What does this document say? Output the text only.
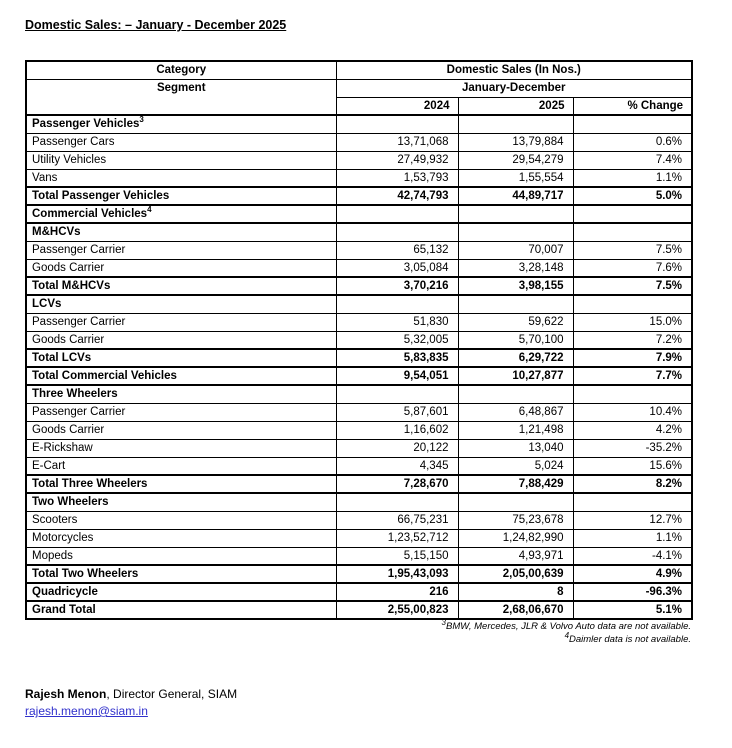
Domestic Sales: – January - December 2025
Category	Domestic Sales (In Nos.)		
Segment	January-December		
	2024	2025	% Change
Passenger Vehicles$^3$			
Passenger Cars	13,71,068	13,79,884	0.6%
Utility Vehicles	27,49,932	29,54,279	7.4%
Vans	1,53,793	1,55,554	1.1%
Total Passenger Vehicles	42,74,793	44,89,717	5.0%
Commercial Vehicles$^4$			
M&HCVs			
Passenger Carrier	65,132	70,007	7.5%
Goods Carrier	3,05,084	3,28,148	7.6%
Total M&HCVs	3,70,216	3,98,155	7.5%
LCVs			
Passenger Carrier	51,830	59,622	15.0%
Goods Carrier	5,32,005	5,70,100	7.2%
Total LCVs	5,83,835	6,29,722	7.9%
Total Commercial Vehicles	9,54,051	10,27,877	7.7%
Three Wheelers			
Passenger Carrier	5,87,601	6,48,867	10.4%
Goods Carrier	1,16,602	1,21,498	4.2%
E-Rickshaw	20,122	13,040	-35.2%
E-Cart	4,345	5,024	15.6%
Total Three Wheelers	7,28,670	7,88,429	8.2%
Two Wheelers			
Scooters	66,75,231	75,23,678	12.7%
Motorcycles	1,23,52,712	1,24,82,990	1.1%
Mopeds	5,15,150	4,93,971	-4.1%
Total Two Wheelers	1,95,43,093	2,05,00,639	4.9%
Quadricycle	216	8	-96.3%
Grand Total	2,55,00,823	2,68,06,670	5.1%
$^3$BMW, Mercedes, JLR & Volvo Auto data are not available.
$^4$Daimler data is not available.
Rajesh Menon, Director General, SIAM
rajesh.menon@siam.in
